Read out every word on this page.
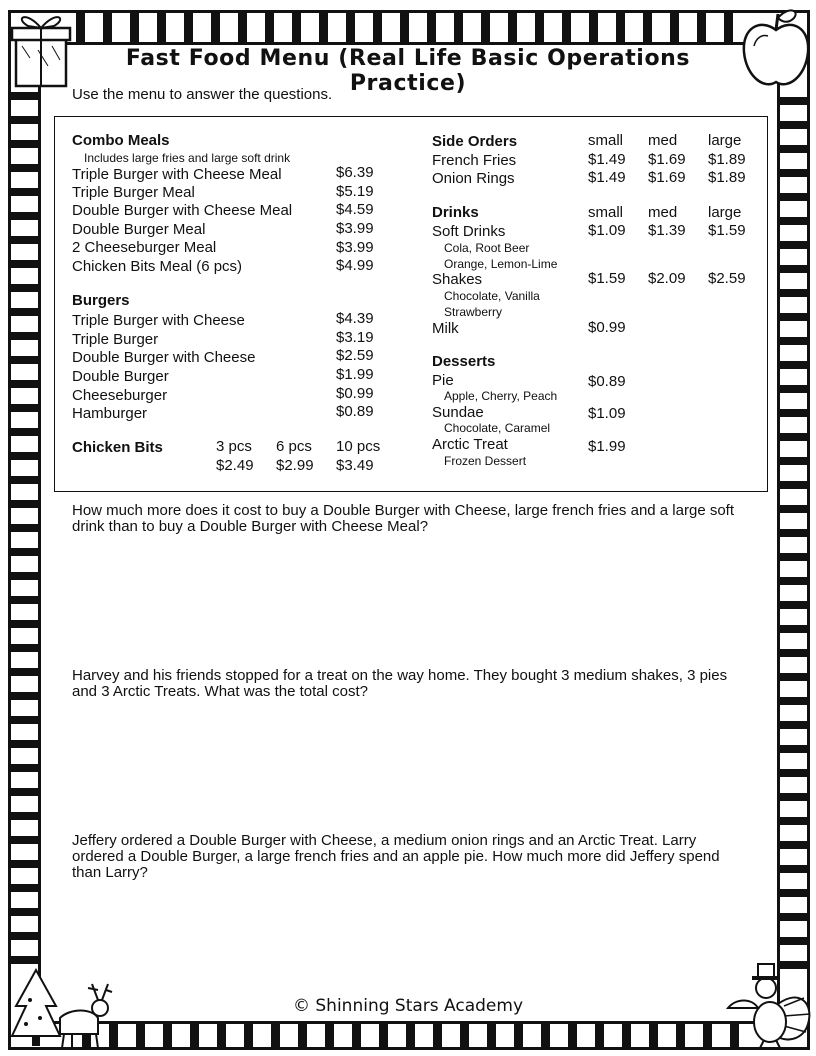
Fast Food Menu (Real Life Basic Operations Practice)
Use the menu to answer the questions.
Combo Meals
Includes large fries and large soft drink
Triple Burger with Cheese Meal	$6.39
Triple Burger Meal	$5.19
Double Burger with Cheese Meal	$4.59
Double Burger Meal	$3.99
2 Cheeseburger Meal	$3.99
Chicken Bits Meal (6 pcs)	$4.99
Burgers
Triple Burger with Cheese	$4.39
Triple Burger	$3.19
Double Burger with Cheese	$2.59
Double Burger	$1.99
Cheeseburger	$0.99
Hamburger	$0.89
Chicken Bits	3 pcs 6 pcs 10 pcs
$2.49 $2.99 $3.49
Side Orders	small med large
French Fries	$1.49 $1.69 $1.89
Onion Rings	$1.49 $1.69 $1.89
Drinks	small med large
Soft Drinks	$1.09 $1.39 $1.59
Cola, Root Beer
Orange, Lemon-Lime
Shakes	$1.59 $2.09 $2.59
Chocolate, Vanilla
Strawberry
Milk	$0.99
Desserts
Pie	$0.89
Apple, Cherry, Peach
Sundae	$1.09
Chocolate, Caramel
Arctic Treat	$1.99
Frozen Dessert
How much more does it cost to buy a Double Burger with Cheese, large french fries and a large soft drink than to buy a Double Burger with Cheese Meal?
Harvey and his friends stopped for a treat on the way home. They bought 3 medium shakes, 3 pies and 3 Arctic Treats. What was the total cost?
Jeffery ordered a Double Burger with Cheese, a medium onion rings and an Arctic Treat. Larry ordered a Double Burger, a large french fries and an apple pie. How much more did Jeffery spend than Larry?
© Shinning Stars Academy
